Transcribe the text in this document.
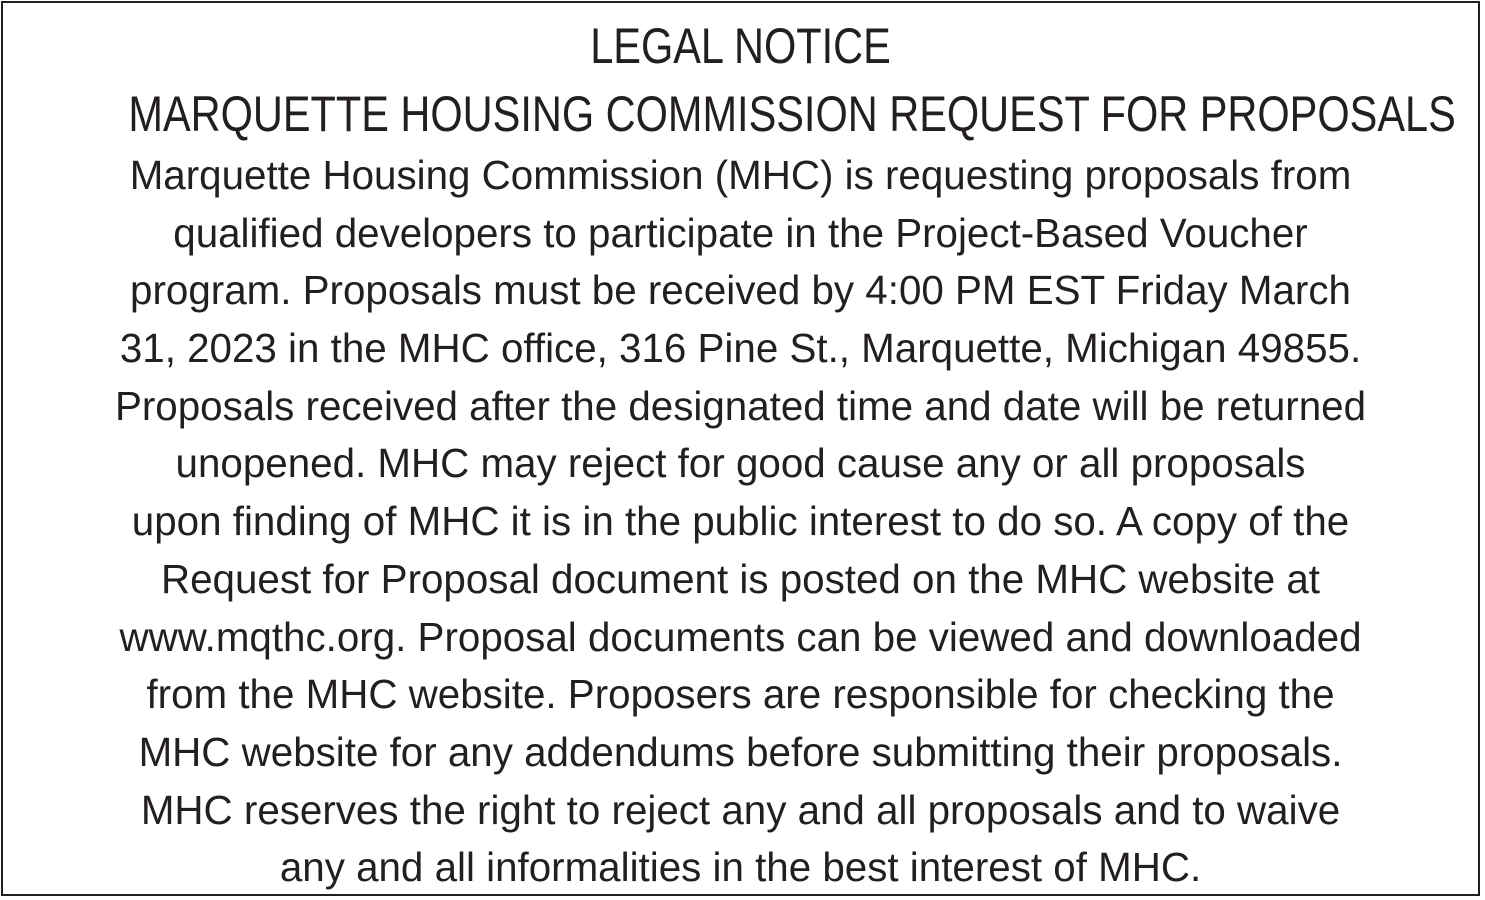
LEGAL NOTICE
MARQUETTE HOUSING COMMISSION REQUEST FOR PROPOSALS
Marquette Housing Commission (MHC) is requesting proposals from
qualified developers to participate in the Project-Based Voucher
program. Proposals must be received by 4:00 PM EST Friday March
31, 2023 in the MHC office, 316 Pine St., Marquette, Michigan 49855.
Proposals received after the designated time and date will be returned
unopened. MHC may reject for good cause any or all proposals
upon finding of MHC it is in the public interest to do so. A copy of the
Request for Proposal document is posted on the MHC website at
www.mqthc.org. Proposal documents can be viewed and downloaded
from the MHC website. Proposers are responsible for checking the
MHC website for any addendums before submitting their proposals.
MHC reserves the right to reject any and all proposals and to waive
any and all informalities in the best interest of MHC.
